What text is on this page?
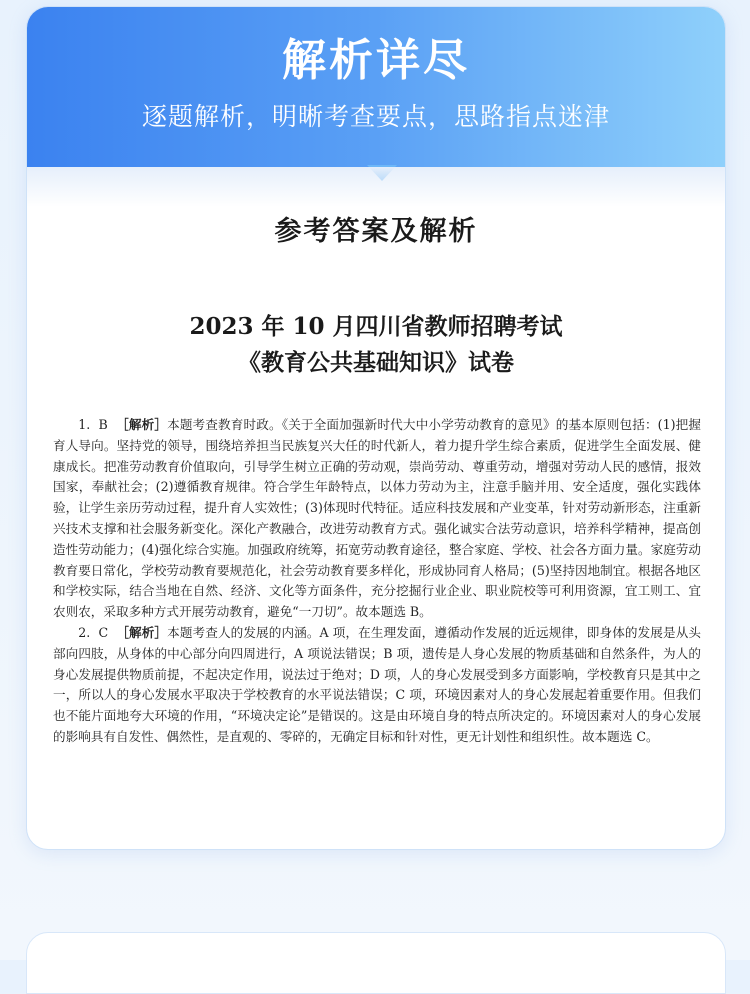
解析详尽
逐题解析，明晰考查要点，思路指点迷津
参考答案及解析
2023 年 10 月四川省教师招聘考试
《教育公共基础知识》试卷

1. B ［解析］本题考查教育时政。《关于全面加强新时代大中小学劳动教育的意见》的基本原则包括：(1)把握育人导向。坚持党的领导，围绕培养担当民族复兴大任的时代新人，着力提升学生综合素质，促进学生全面发展、健康成长。把准劳动教育价值取向，引导学生树立正确的劳动观，崇尚劳动、尊重劳动，增强对劳动人民的感情，报效国家，奉献社会；(2)遵循教育规律。符合学生年龄特点，以体力劳动为主，注意手脑并用、安全适度，强化实践体验，让学生亲历劳动过程，提升育人实效性；(3)体现时代特征。适应科技发展和产业变革，针对劳动新形态，注重新兴技术支撑和社会服务新变化。深化产教融合，改进劳动教育方式。强化诚实合法劳动意识，培养科学精神，提高创造性劳动能力；(4)强化综合实施。加强政府统筹，拓宽劳动教育途径，整合家庭、学校、社会各方面力量。家庭劳动教育要日常化，学校劳动教育要规范化，社会劳动教育要多样化，形成协同育人格局；(5)坚持因地制宜。根据各地区和学校实际，结合当地在自然、经济、文化等方面条件，充分挖掘行业企业、职业院校等可利用资源，宜工则工、宜农则农，采取多种方式开展劳动教育，避免“一刀切”。故本题选 B。

2. C ［解析］本题考查人的发展的内涵。A 项，在生理发面，遵循动作发展的近远规律，即身体的发展是从头部向四肢，从身体的中心部分向四周进行，A 项说法错误；B 项，遗传是人身心发展的物质基础和自然条件，为人的身心发展提供物质前提，不起决定作用，说法过于绝对；D 项，人的身心发展受到多方面影响，学校教育只是其中之一，所以人的身心发展水平取决于学校教育的水平说法错误；C 项，环境因素对人的身心发展起着重要作用。但我们也不能片面地夸大环境的作用，“环境决定论”是错误的。这是由环境自身的特点所决定的。环境因素对人的身心发展的影响具有自发性、偶然性，是直观的、零碎的，无确定目标和针对性，更无计划性和组织性。故本题选 C。
